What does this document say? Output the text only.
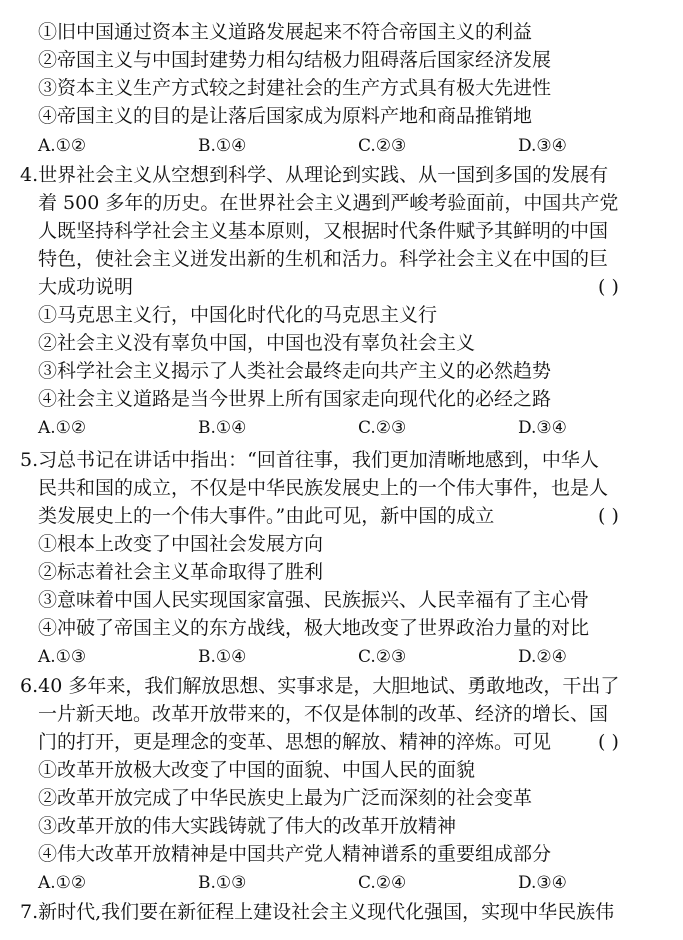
①旧中国通过资本主义道路发展起来不符合帝国主义的利益
②帝国主义与中国封建势力相勾结极力阻碍落后国家经济发展
③资本主义生产方式较之封建社会的生产方式具有极大先进性
④帝国主义的目的是让落后国家成为原料产地和商品推销地
A.①②	B.①④	C.②③	D.③④
4.世界社会主义从空想到科学、从理论到实践、从一国到多国的发展有
着 500 多年的历史。在世界社会主义遇到严峻考验面前，中国共产党
人既坚持科学社会主义基本原则，又根据时代条件赋予其鲜明的中国
特色，使社会主义迸发出新的生机和活力。科学社会主义在中国的巨
大成功说明	( )
①马克思主义行，中国化时代化的马克思主义行
②社会主义没有辜负中国，中国也没有辜负社会主义
③科学社会主义揭示了人类社会最终走向共产主义的必然趋势
④社会主义道路是当今世界上所有国家走向现代化的必经之路
A.①②	B.①④	C.②③	D.③④
5.习总书记在讲话中指出：“回首往事，我们更加清晰地感到，中华人
民共和国的成立，不仅是中华民族发展史上的一个伟大事件，也是人
类发展史上的一个伟大事件。”由此可见，新中国的成立	( )
①根本上改变了中国社会发展方向
②标志着社会主义革命取得了胜利
③意味着中国人民实现国家富强、民族振兴、人民幸福有了主心骨
④冲破了帝国主义的东方战线，极大地改变了世界政治力量的对比
A.①③	B.①④	C.②③	D.②④
6.40 多年来，我们解放思想、实事求是，大胆地试、勇敢地改，干出了
一片新天地。改革开放带来的，不仅是体制的改革、经济的增长、国
门的打开，更是理念的变革、思想的解放、精神的淬炼。可见 ( )
①改革开放极大改变了中国的面貌、中国人民的面貌
②改革开放完成了中华民族史上最为广泛而深刻的社会变革
③改革开放的伟大实践铸就了伟大的改革开放精神
④伟大改革开放精神是中国共产党人精神谱系的重要组成部分
A.①②	B.①③	C.②④	D.③④
7.新时代,我们要在新征程上建设社会主义现代化强国，实现中华民族伟
